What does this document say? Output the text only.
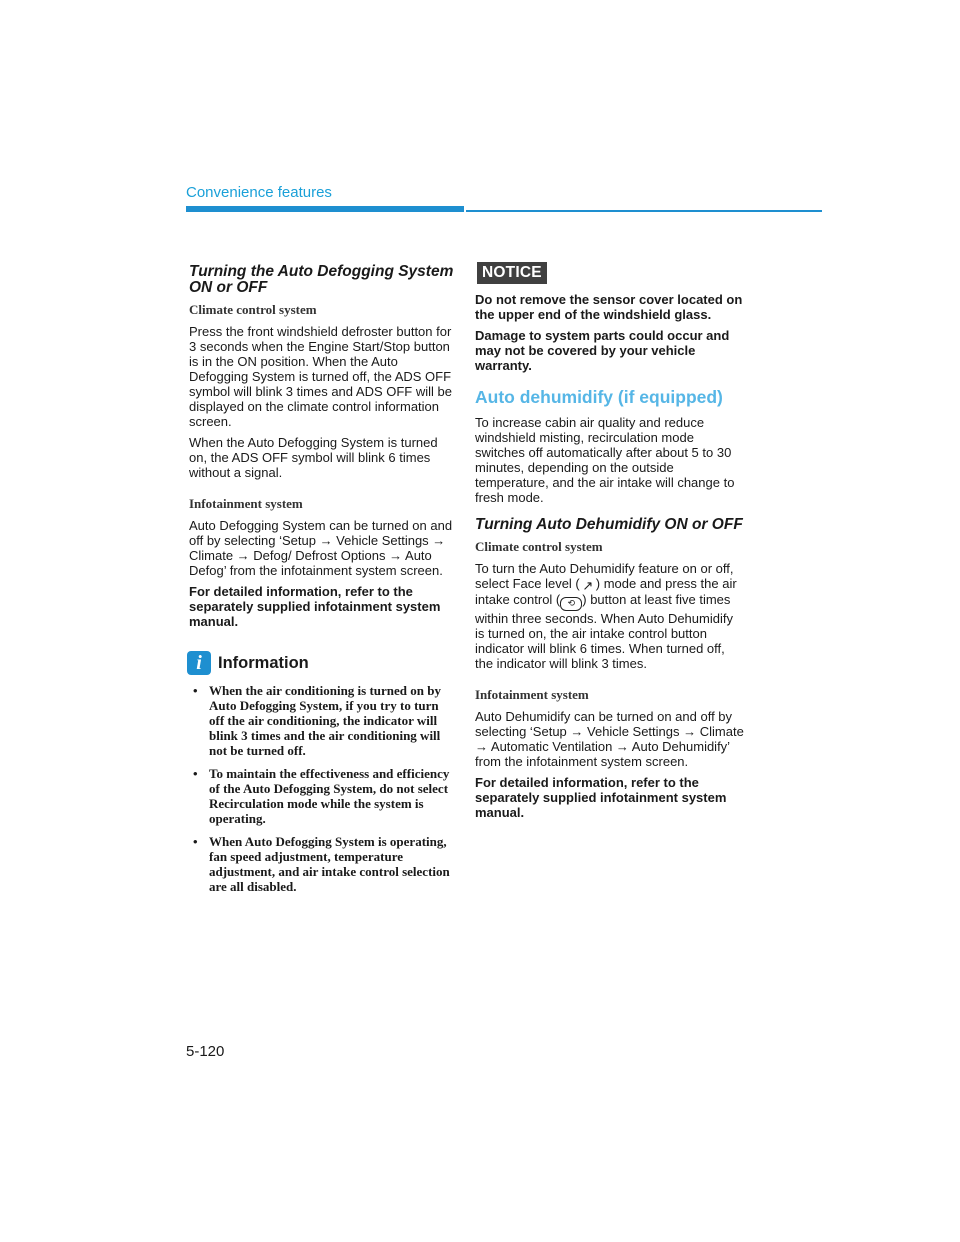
Convenience features
Turning the Auto Defogging System ON or OFF
Climate control system

Press the front windshield defroster button for 3 seconds when the Engine Start/Stop button is in the ON position. When the Auto Defogging System is turned off, the ADS OFF symbol will blink 3 times and ADS OFF will be displayed on the climate control information screen.

When the Auto Defogging System is turned on, the ADS OFF symbol will blink 6 times without a signal.

Infotainment system

Auto Defogging System can be turned on and off by selecting ‘Setup → Vehicle Settings → Climate → Defog/ Defrost Options → Auto Defog’ from the infotainment system screen.

For detailed information, refer to the separately supplied infotainment system manual.

i Information
• When the air conditioning is turned on by Auto Defogging System, if you try to turn off the air conditioning, the indicator will blink 3 times and the air conditioning will not be turned off.
• To maintain the effectiveness and efficiency of the Auto Defogging System, do not select Recirculation mode while the system is operating.
• When Auto Defogging System is operating, fan speed adjustment, temperature adjustment, and air intake control selection are all disabled.
NOTICE

Do not remove the sensor cover located on the upper end of the windshield glass.

Damage to system parts could occur and may not be covered by your vehicle warranty.

Auto dehumidify (if equipped)

To increase cabin air quality and reduce windshield misting, recirculation mode switches off automatically after about 5 to 30 minutes, depending on the outside temperature, and the air intake will change to fresh mode.

Turning Auto Dehumidify ON or OFF
Climate control system

To turn the Auto Dehumidify feature on or off, select Face level ( ↗ ) mode and press the air intake control ( ⟲ ) button at least five times within three seconds. When Auto Dehumidify is turned on, the air intake control button indicator will blink 6 times. When turned off, the indicator will blink 3 times.

Infotainment system

Auto Dehumidify can be turned on and off by selecting ‘Setup → Vehicle Settings → Climate → Automatic Ventilation → Auto Dehumidify’ from the infotainment system screen.

For detailed information, refer to the separately supplied infotainment system manual.

5-120
